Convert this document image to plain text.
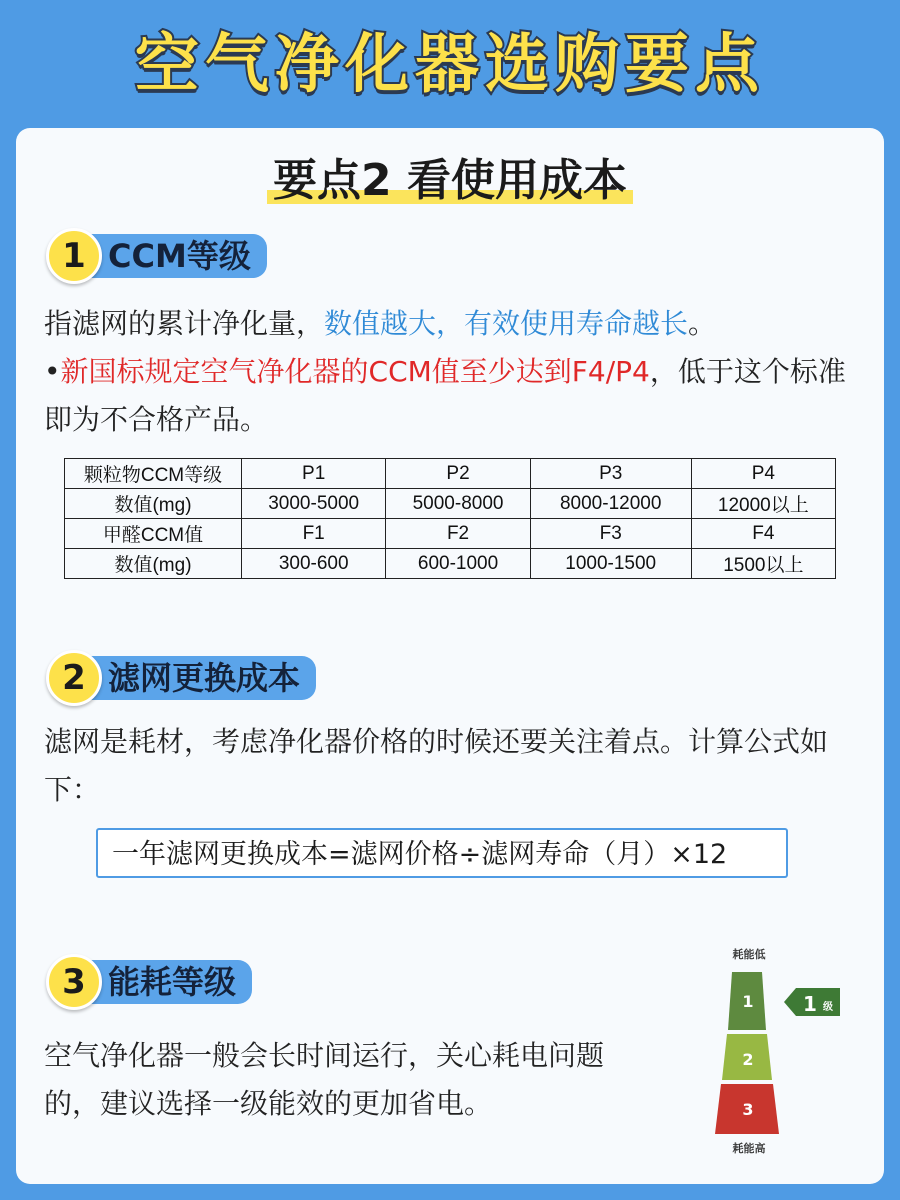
空气净化器选购要点
要点2 看使用成本
1 CCM等级
指滤网的累计净化量，数值越大，有效使用寿命越长。
•新国标规定空气净化器的CCM值至少达到F4/P4，低于这个标准即为不合格产品。
颗粒物CCM等级	P1	P2	P3	P4
数值(mg)	3000-5000	5000-8000	8000-12000	12000以上
甲醛CCM值	F1	F2	F3	F4
数值(mg)	300-600	600-1000	1000-1500	1500以上
2 滤网更换成本
滤网是耗材，考虑净化器价格的时候还要关注着点。计算公式如下：
一年滤网更换成本=滤网价格÷滤网寿命（月）×12
3 能耗等级
空气净化器一般会长时间运行，关心耗电问题的，建议选择一级能效的更加省电。
耗能低
1
2
3
1 级
耗能高
